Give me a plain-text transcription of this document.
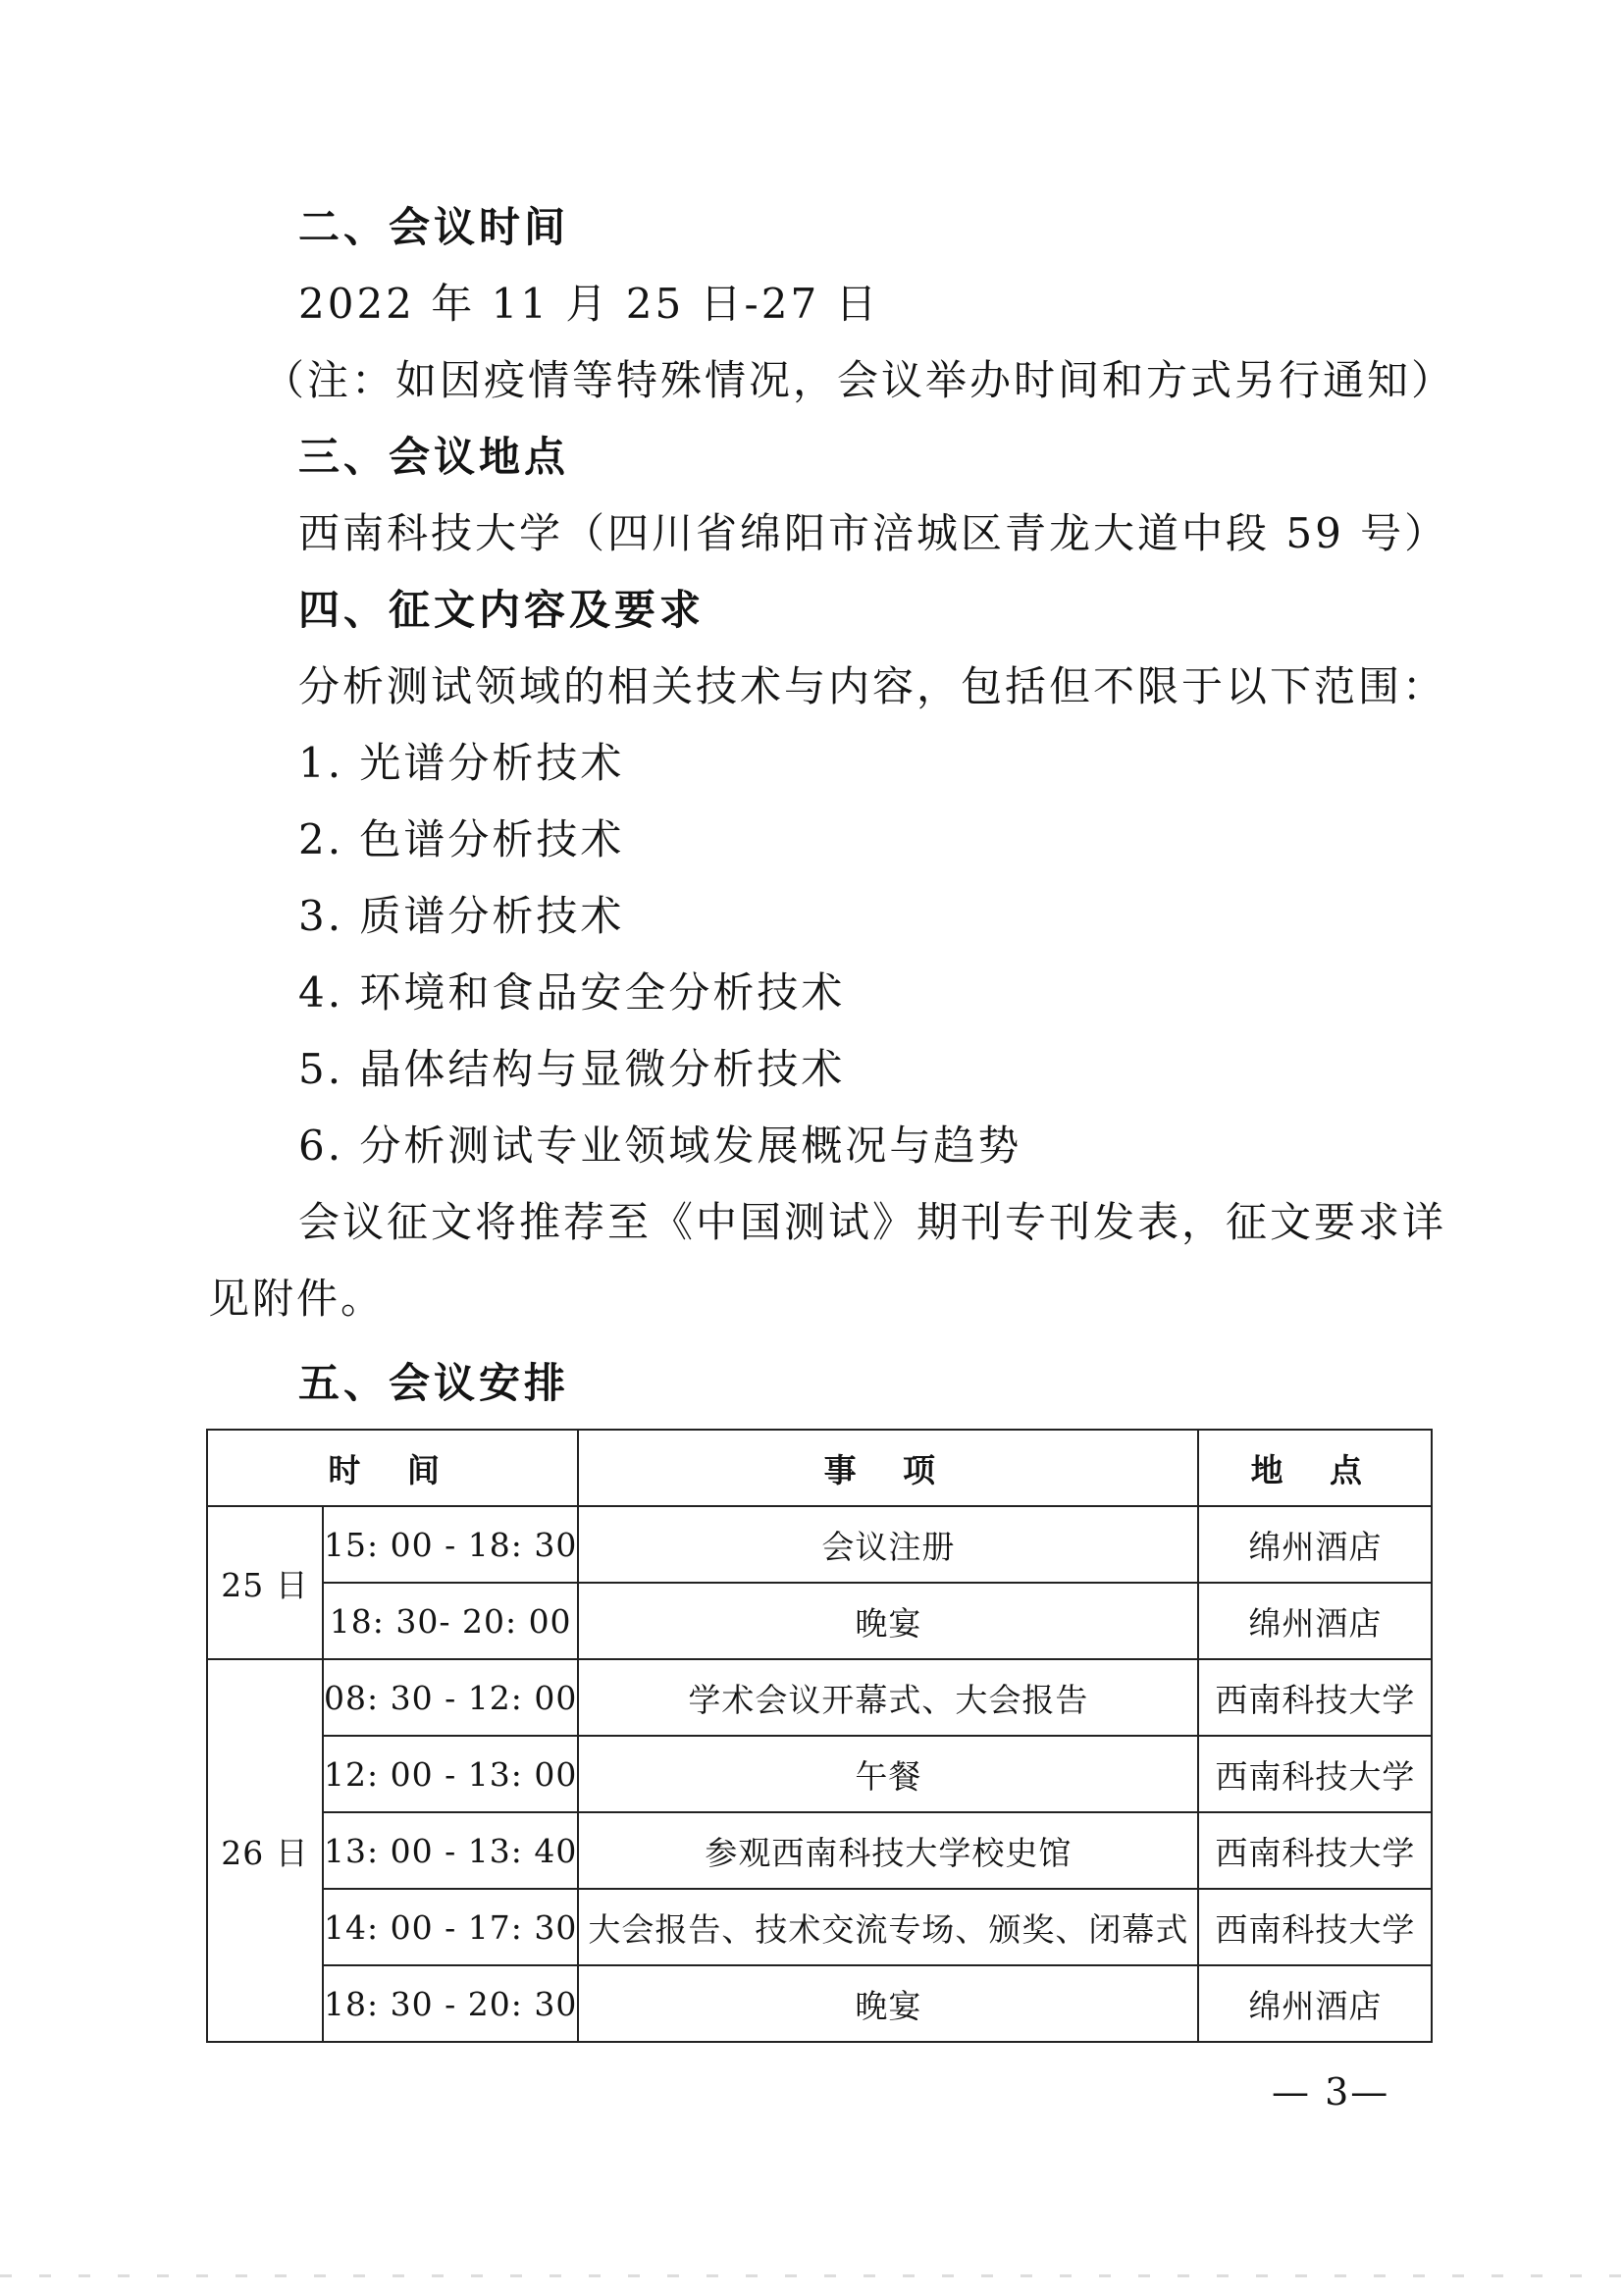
二、会议时间
2022 年 11 月 25 日-27 日
（注：如因疫情等特殊情况，会议举办时间和方式另行通知）
三、会议地点
西南科技大学（四川省绵阳市涪城区青龙大道中段 59 号）
四、征文内容及要求
分析测试领域的相关技术与内容，包括但不限于以下范围：
1. 光谱分析技术
2. 色谱分析技术
3. 质谱分析技术
4. 环境和食品安全分析技术
5. 晶体结构与显微分析技术
6. 分析测试专业领域发展概况与趋势
会议征文将推荐至《中国测试》期刊专刊发表，征文要求详
见附件。
五、会议安排
时 间		事 项	地 点
25 日	15: 00 - 18: 30	会议注册	绵州酒店
	18: 30- 20: 00	晚宴	绵州酒店
26 日	08: 30 - 12: 00	学术会议开幕式、大会报告	西南科技大学
	12: 00 - 13: 00	午餐	西南科技大学
	13: 00 - 13: 40	参观西南科技大学校史馆	西南科技大学
	14: 00 - 17: 30	大会报告、技术交流专场、颁奖、闭幕式	西南科技大学
	18: 30 - 20: 30	晚宴	绵州酒店
— 3—
